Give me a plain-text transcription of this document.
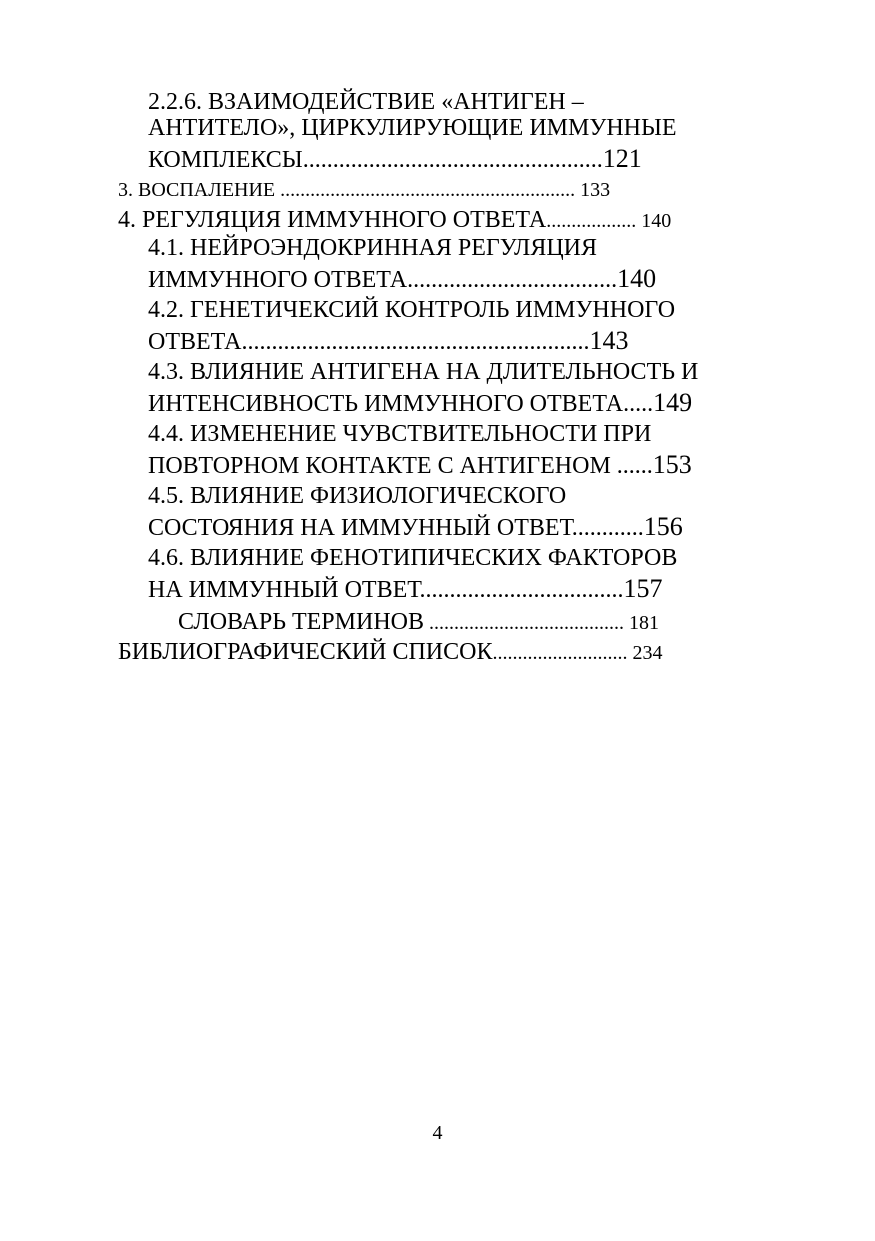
2.2.6. ВЗАИМОДЕЙСТВИЕ «АНТИГЕН –
АНТИТЕЛО», ЦИРКУЛИРУЮЩИЕ ИММУННЫЕ
КОМПЛЕКСЫ..................................................121
3. ВОСПАЛЕНИЕ ........................................................... 133
4. РЕГУЛЯЦИЯ ИММУННОГО ОТВЕТА.................. 140
4.1. НЕЙРОЭНДОКРИННАЯ РЕГУЛЯЦИЯ
ИММУННОГО ОТВЕТА...................................140
4.2. ГЕНЕТИЧЕКСИЙ КОНТРОЛЬ ИММУННОГО
ОТВЕТА..........................................................143
4.3. ВЛИЯНИЕ АНТИГЕНА НА ДЛИТЕЛЬНОСТЬ И
ИНТЕНСИВНОСТЬ ИММУННОГО ОТВЕТА.....149
4.4. ИЗМЕНЕНИЕ ЧУВСТВИТЕЛЬНОСТИ ПРИ
ПОВТОРНОМ КОНТАКТЕ С АНТИГЕНОМ ......153
4.5. ВЛИЯНИЕ ФИЗИОЛОГИЧЕСКОГО
СОСТОЯНИЯ НА ИММУННЫЙ ОТВЕТ............156
4.6. ВЛИЯНИЕ ФЕНОТИПИЧЕСКИХ ФАКТОРОВ
НА ИММУННЫЙ ОТВЕТ..................................157
СЛОВАРЬ ТЕРМИНОВ ....................................... 181
БИБЛИОГРАФИЧЕСКИЙ СПИСОК........................... 234
4
